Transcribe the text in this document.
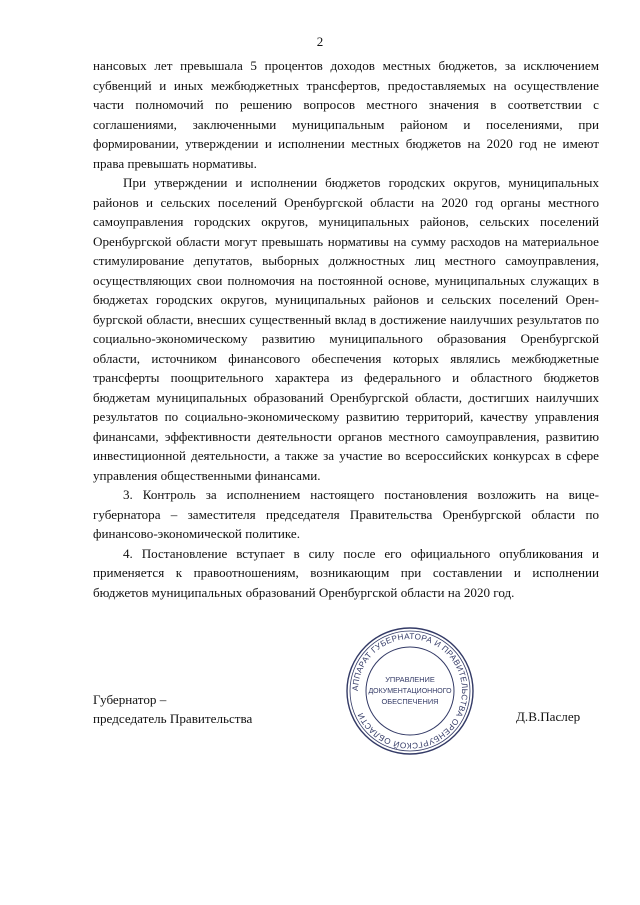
2

нансовых лет превышала 5 процентов доходов местных бюджетов, за исключением субвенций и иных межбюджетных трансфертов, предоставляемых на осуществление части полномочий по решению вопросов местного значения в соответствии с соглашениями, заключенными муниципальным районом и поселениями, при формировании, утверждении и исполнении местных бюджетов на 2020 год не имеют права превышать нормативы.

При утверждении и исполнении бюджетов городских округов, муниципальных районов и сельских поселений Оренбургской области на 2020 год органы местного самоуправления городских округов, муниципальных районов, сельских поселений Оренбургской области могут превышать нормативы на сумму расходов на материальное стимулирование депутатов, выборных должностных лиц местного самоуправления, осуществляющих свои полномочия на постоянной основе, муниципальных служащих в бюджетах городских округов, муниципальных районов и сельских поселений Оренбургской области, внесших существенный вклад в достижение наилучших результатов по социально-экономическому развитию муниципального образования Оренбургской области, источником финансового обеспечения которых являлись межбюджетные трансферты поощрительного характера из федерального и областного бюджетов бюджетам муниципальных образований Оренбургской области, достигших наилучших результатов по социально-экономическому развитию территорий, качеству управления финансами, эффективности деятельности органов местного самоуправления, развитию инвестиционной деятельности, а также за участие во всероссийских конкурсах в сфере управления общественными финансами.

3. Контроль за исполнением настоящего постановления возложить на вице-губернатора – заместителя председателя Правительства Оренбургской области по финансово-экономической политике.

4. Постановление вступает в силу после его официального опубликования и применяется к правоотношениям, возникающим при составлении и исполнении бюджетов муниципальных образований Оренбургской области на 2020 год.

АППАРАТ ГУБЕРНАТОРА И ПРАВИТЕЛЬСТВА ОРЕНБУРГСКОЙ ОБЛАСТИ
УПРАВЛЕНИЕ
ДОКУМЕНТАЦИОННОГО
ОБЕСПЕЧЕНИЯ
Губернатор –
председатель Правительства	Д.В.Паслер
